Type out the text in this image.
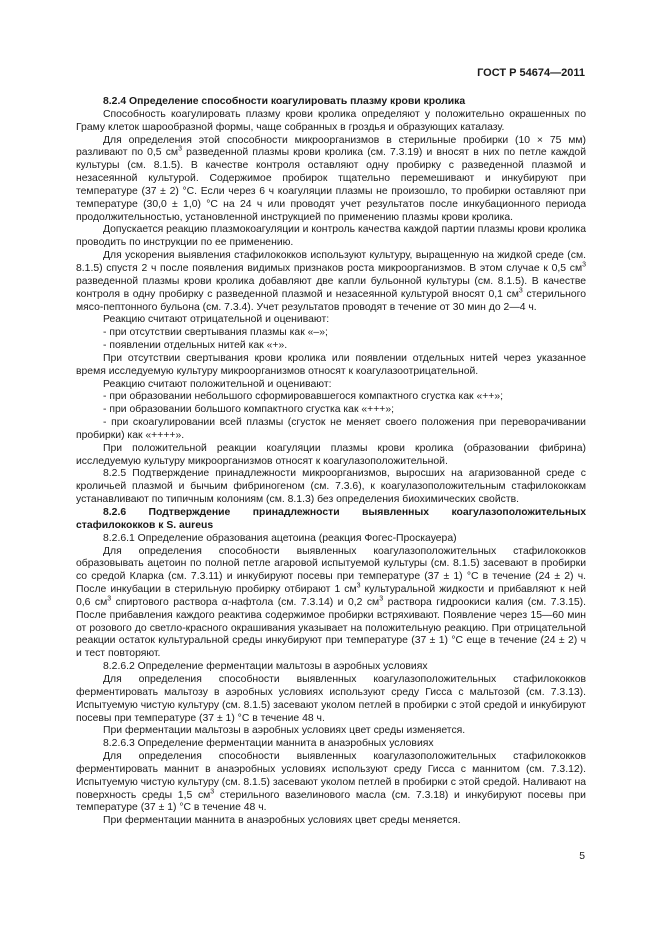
ГОСТ Р 54674—2011

8.2.4 Определение способности коагулировать плазму крови кролика

Способность коагулировать плазму крови кролика определяют у положительно окрашенных по Граму клеток шарообразной формы, чаще собранных в гроздья и образующих каталазу.

Для определения этой способности микроорганизмов в стерильные пробирки (10 × 75 мм) разливают по 0,5 $см^3$ разведенной плазмы крови кролика (см. 7.3.19) и вносят в них по петле каждой культуры (см. 8.1.5). В качестве контроля оставляют одну пробирку с разведенной плазмой и незасеянной культурой. Содержимое пробирок тщательно перемешивают и инкубируют при температуре (37 ± 2) °С. Если через 6 ч коагуляции плазмы не произошло, то пробирки оставляют при температуре (30,0 ± 1,0) °С на 24 ч или проводят учет результатов после инкубационного периода продолжительностью, установленной инструкцией по применению плазмы крови кролика.

Допускается реакцию плазмокоагуляции и контроль качества каждой партии плазмы крови кролика проводить по инструкции по ее применению.

Для ускорения выявления стафилококков используют культуру, выращенную на жидкой среде (см. 8.1.5) спустя 2 ч после появления видимых признаков роста микроорганизмов. В этом случае к 0,5 $см^3$ разведенной плазмы крови кролика добавляют две капли бульонной культуры (см. 8.1.5). В качестве контроля в одну пробирку с разведенной плазмой и незасеянной культурой вносят 0,1 $см^3$ стерильного мясо-пептонного бульона (см. 7.3.4). Учет результатов проводят в течение от 30 мин до 2—4 ч.

Реакцию считают отрицательной и оценивают:

- при отсутствии свертывания плазмы как «–»;

- появлении отдельных нитей как «+».

При отсутствии свертывания крови кролика или появлении отдельных нитей через указанное время исследуемую культуру микроорганизмов относят к коагулазоотрицательной.

Реакцию считают положительной и оценивают:

- при образовании небольшого сформировавшегося компактного сгустка как «++»;

- при образовании большого компактного сгустка как «+++»;

- при скоагулировании всей плазмы (сгусток не меняет своего положения при переворачивании пробирки) как «++++».

При положительной реакции коагуляции плазмы крови кролика (образовании фибрина) исследуемую культуру микроорганизмов относят к коагулазоположительной.

8.2.5 Подтверждение принадлежности микроорганизмов, выросших на агаризованной среде с кроличьей плазмой и бычьим фибриногеном (см. 7.3.6), к коагулазоположительным стафилококкам устанавливают по типичным колониям (см. 8.1.3) без определения биохимических свойств.

8.2.6 Подтверждение принадлежности выявленных коагулазоположительных стафилококков к S. aureus

8.2.6.1 Определение образования ацетоина (реакция Фогес-Проскауера)

Для определения способности выявленных коагулазоположительных стафилококков образовывать ацетоин по полной петле агаровой испытуемой культуры (см. 8.1.5) засевают в пробирки со средой Кларка (см. 7.3.11) и инкубируют посевы при температуре (37 ± 1) °С в течение (24 ± 2) ч. После инкубации в стерильную пробирку отбирают 1 $см^3$ культуральной жидкости и прибавляют к ней 0,6 $см^3$ спиртового раствора α-нафтола (см. 7.3.14) и 0,2 $см^3$ раствора гидроокиси калия (см. 7.3.15). После прибавления каждого реактива содержимое пробирки встряхивают. Появление через 15—60 мин от розового до светло-красного окрашивания указывает на положительную реакцию. При отрицательной реакции остаток культуральной среды инкубируют при температуре (37 ± 1) °С еще в течение (24 ± 2) ч и тест повторяют.

8.2.6.2 Определение ферментации мальтозы в аэробных условиях

Для определения способности выявленных коагулазоположительных стафилококков ферментировать мальтозу в аэробных условиях используют среду Гисса с мальтозой (см. 7.3.13). Испытуемую чистую культуру (см. 8.1.5) засевают уколом петлей в пробирки с этой средой и инкубируют посевы при температуре (37 ± 1) °С в течение 48 ч.

При ферментации мальтозы в аэробных условиях цвет среды изменяется.

8.2.6.3 Определение ферментации маннита в анаэробных условиях

Для определения способности выявленных коагулазоположительных стафилококков ферментировать маннит в анаэробных условиях используют среду Гисса с маннитом (см. 7.3.12). Испытуемую чистую культуру (см. 8.1.5) засевают уколом петлей в пробирки с этой средой. Наливают на поверхность среды 1,5 $см^3$ стерильного вазелинового масла (см. 7.3.18) и инкубируют посевы при температуре (37 ± 1) °С в течение 48 ч.

При ферментации маннита в анаэробных условиях цвет среды меняется.

5
